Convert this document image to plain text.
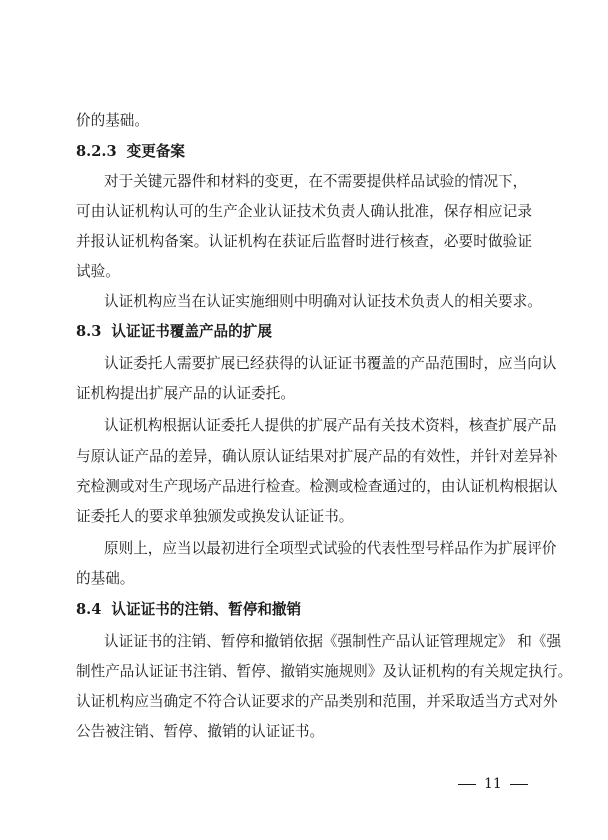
价的基础。
8.2.3 变更备案
对于关键元器件和材料的变更，在不需要提供样品试验的情况下，
可由认证机构认可的生产企业认证技术负责人确认批准，保存相应记录
并报认证机构备案。认证机构在获证后监督时进行核查，必要时做验证
试验。
认证机构应当在认证实施细则中明确对认证技术负责人的相关要求。
8.3 认证证书覆盖产品的扩展
认证委托人需要扩展已经获得的认证证书覆盖的产品范围时，应当向认
证机构提出扩展产品的认证委托。
认证机构根据认证委托人提供的扩展产品有关技术资料，核查扩展产品
与原认证产品的差异，确认原认证结果对扩展产品的有效性，并针对差异补
充检测或对生产现场产品进行检查。检测或检查通过的，由认证机构根据认
证委托人的要求单独颁发或换发认证证书。
原则上，应当以最初进行全项型式试验的代表性型号样品作为扩展评价
的基础。
8.4 认证证书的注销、暂停和撤销
认证证书的注销、暂停和撤销依据《强制性产品认证管理规定》 和《强
制性产品认证证书注销、暂停、撤销实施规则》及认证机构的有关规定执行。
认证机构应当确定不符合认证要求的产品类别和范围，并采取适当方式对外
公告被注销、暂停、撤销的认证证书。
11
